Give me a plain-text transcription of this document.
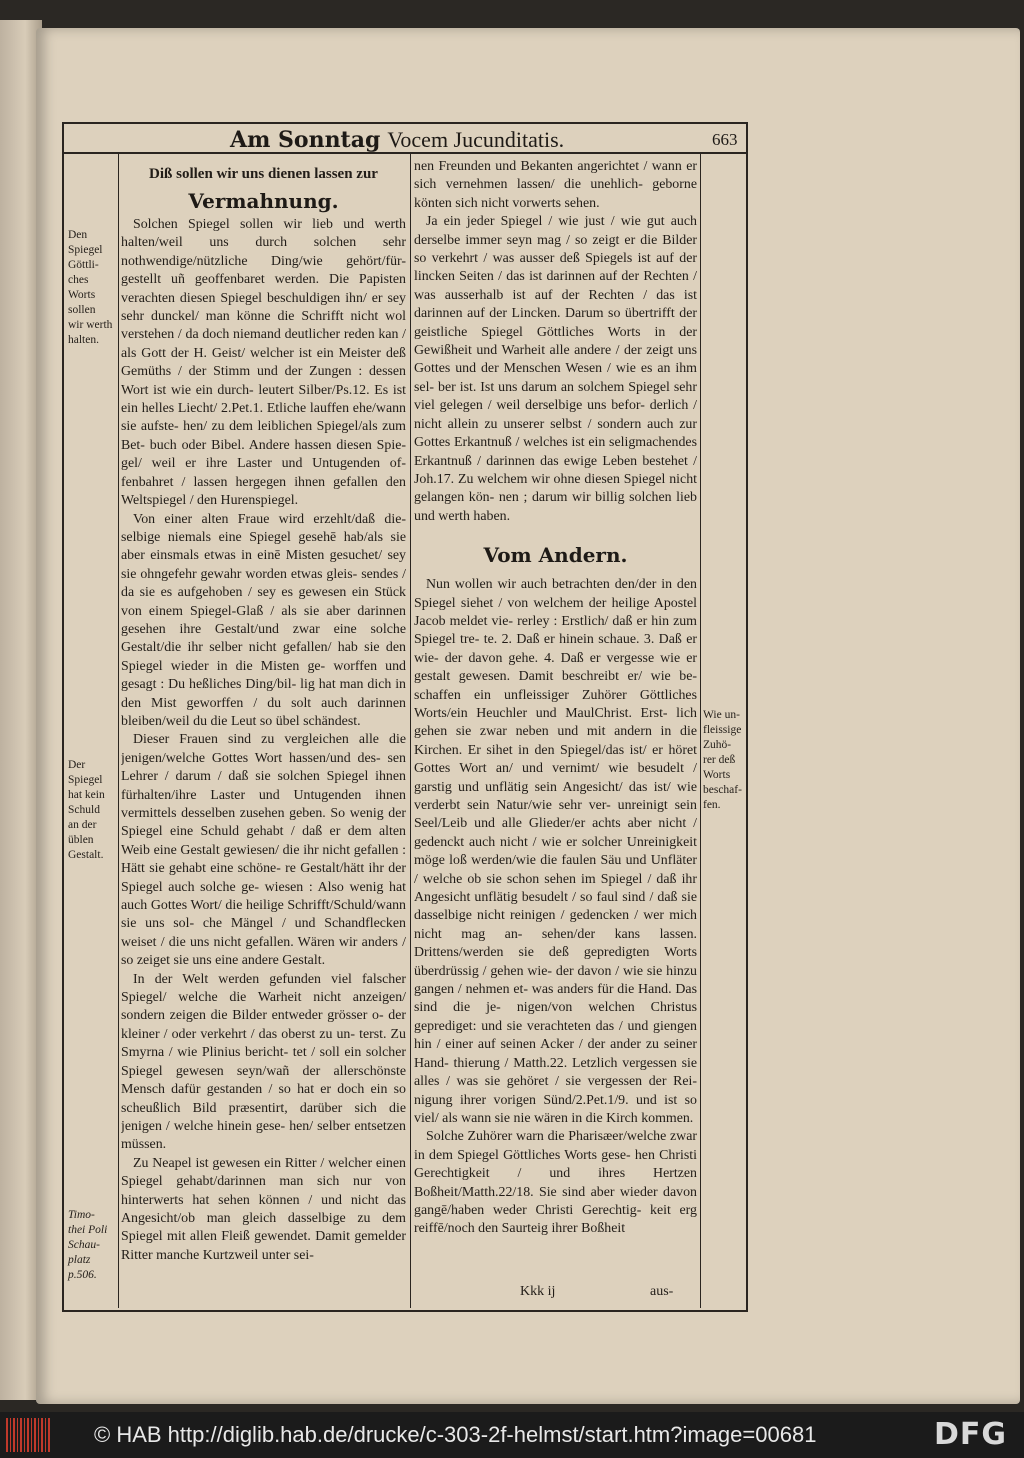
Am Sonntag Vocem Jucunditatis.	663

Diß sollen wir uns dienen lassen zur

Vermahnung.

Solchen Spiegel sollen wir lieb und werth halten/weil uns durch solchen sehr nothwendige/nützliche Ding/wie gehört/für- gestellt uñ geoffenbaret werden. Die Papisten verachten diesen Spiegel beschuldigen ihn/ er sey sehr dunckel/ man könne die Schrifft nicht wol verstehen / da doch niemand deutlicher reden kan / als Gott der H. Geist/ welcher ist ein Meister deß Gemüths / der Stimm und der Zungen : dessen Wort ist wie ein durch- leutert Silber/Ps.12. Es ist ein helles Liecht/ 2.Pet.1. Etliche lauffen ehe/wann sie aufste- hen/ zu dem leiblichen Spiegel/als zum Bet- buch oder Bibel. Andere hassen diesen Spie- gel/ weil er ihre Laster und Untugenden of- fenbahret / lassen hergegen ihnen gefallen den Weltspiegel / den Hurenspiegel.

Von einer alten Fraue wird erzehlt/daß die- selbige niemals eine Spiegel gesehē hab/als sie aber einsmals etwas in einē Misten gesuchet/ sey sie ohngefehr gewahr worden etwas gleis- sendes / da sie es aufgehoben / sey es gewesen ein Stück von einem Spiegel-Glaß / als sie aber darinnen gesehen ihre Gestalt/und zwar eine solche Gestalt/die ihr selber nicht gefallen/ hab sie den Spiegel wieder in die Misten ge- worffen und gesagt : Du heßliches Ding/bil- lig hat man dich in den Mist geworffen / du solt auch darinnen bleiben/weil du die Leut so übel schändest.

Dieser Frauen sind zu vergleichen alle die jenigen/welche Gottes Wort hassen/und des- sen Lehrer / darum / daß sie solchen Spiegel ihnen fürhalten/ihre Laster und Untugenden ihnen vermittels desselben zusehen geben. So wenig der Spiegel eine Schuld gehabt / daß er dem alten Weib eine Gestalt gewiesen/ die ihr nicht gefallen : Hätt sie gehabt eine schöne- re Gestalt/hätt ihr der Spiegel auch solche ge- wiesen : Also wenig hat auch Gottes Wort/ die heilige Schrifft/Schuld/wann sie uns sol- che Mängel / und Schandflecken weiset / die uns nicht gefallen. Wären wir anders / so zeiget sie uns eine andere Gestalt.

In der Welt werden gefunden viel falscher Spiegel/ welche die Warheit nicht anzeigen/ sondern zeigen die Bilder entweder grösser o- der kleiner / oder verkehrt / das oberst zu un- terst. Zu Smyrna / wie Plinius bericht- tet / soll ein solcher Spiegel gewesen seyn/wañ der allerschönste Mensch dafür gestanden / so hat er doch ein so scheußlich Bild præsentirt, darüber sich die jenigen / welche hinein gese- hen/ selber entsetzen müssen.

Zu Neapel ist gewesen ein Ritter / welcher einen Spiegel gehabt/darinnen man sich nur von hinterwerts hat sehen können / und nicht das Angesicht/ob man gleich dasselbige zu dem Spiegel mit allen Fleiß gewendet. Damit gemelder Ritter manche Kurtzweil unter sei-

nen Freunden und Bekanten angerichtet / wann er sich vernehmen lassen/ die unehlich- geborne könten sich nicht vorwerts sehen.

Ja ein jeder Spiegel / wie just / wie gut auch derselbe immer seyn mag / so zeigt er die Bilder so verkehrt / was ausser deß Spiegels ist auf der lincken Seiten / das ist darinnen auf der Rechten / was ausserhalb ist auf der Rechten / das ist darinnen auf der Lincken. Darum so übertrifft der geistliche Spiegel Göttliches Worts in der Gewißheit und Warheit alle andere / der zeigt uns Gottes und der Menschen Wesen / wie es an ihm sel- ber ist. Ist uns darum an solchem Spiegel sehr viel gelegen / weil derselbige uns befor- derlich / nicht allein zu unserer selbst / sondern auch zur Gottes Erkantnuß / welches ist ein seligmachendes Erkantnuß / darinnen das ewige Leben bestehet / Joh.17. Zu welchem wir ohne diesen Spiegel nicht gelangen kön- nen ; darum wir billig solchen lieb und werth haben.

Vom Andern.

Nun wollen wir auch betrachten den/der in den Spiegel siehet / von welchem der heilige Apostel Jacob meldet vie- rerley : Erstlich/ daß er hin zum Spiegel tre- te. 2. Daß er hinein schaue. 3. Daß er wie- der davon gehe. 4. Daß er vergesse wie er gestalt gewesen. Damit beschreibt er/ wie be- schaffen ein unfleissiger Zuhörer Göttliches Worts/ein Heuchler und MaulChrist. Erst- lich gehen sie zwar neben und mit andern in die Kirchen. Er sihet in den Spiegel/das ist/ er höret Gottes Wort an/ und vernimt/ wie besudelt / garstig und unflätig sein Angesicht/ das ist/ wie verderbt sein Natur/wie sehr ver- unreinigt sein Seel/Leib und alle Glieder/er achts aber nicht / gedenckt auch nicht / wie er solcher Unreinigkeit möge loß werden/wie die faulen Säu und Unfläter / welche ob sie schon sehen im Spiegel / daß ihr Angesicht unflätig besudelt / so faul sind / daß sie dasselbige nicht reinigen / gedencken / wer mich nicht mag an- sehen/der kans lassen. Drittens/werden sie deß gepredigten Worts überdrüssig / gehen wie- der davon / wie sie hinzu gangen / nehmen et- was anders für die Hand. Das sind die je- nigen/von welchen Christus geprediget: und sie verachteten das / und giengen hin / einer auf seinen Acker / der ander zu seiner Hand- thierung / Matth.22. Letzlich vergessen sie alles / was sie gehöret / sie vergessen der Rei- nigung ihrer vorigen Sünd/2.Pet.1/9. und ist so viel/ als wann sie nie wären in die Kirch kommen.

Solche Zuhörer warn die Pharisæer/welche zwar in dem Spiegel Göttliches Worts gese- hen Christi Gerechtigkeit / und ihres Hertzen Boßheit/Matth.22/18. Sie sind aber wieder davon gangē/haben weder Christi Gerechtig- keit erg reiffē/noch den Saurteig ihrer Boßheit

Den
Spiegel
Göttli-
ches
Worts
sollen
wir werth
halten.
Der
Spiegel
hat kein
Schuld
an der
üblen
Gestalt.
Timo-
thei Poli
Schau-
platz
p.506.
Wie un-
fleissige
Zuhö-
rer deß
Worts
beschaf-
fen.
Kkk ij	aus-
© HAB http://diglib.hab.de/drucke/c-303-2f-helmst/start.htm?image=00681	DFG
